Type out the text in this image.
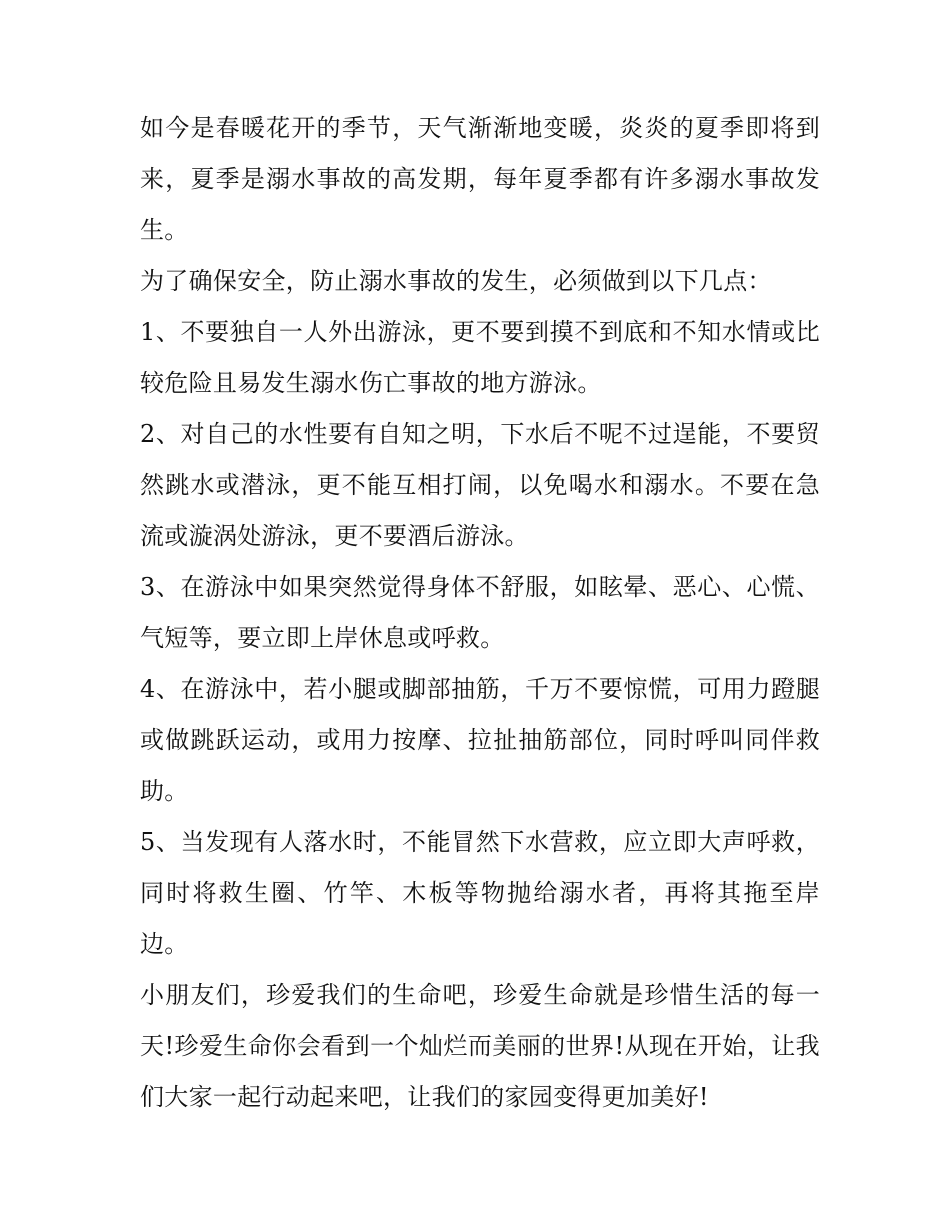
如今是春暖花开的季节，天气渐渐地变暖，炎炎的夏季即将到来，夏季是溺水事故的高发期，每年夏季都有许多溺水事故发生。

为了确保安全，防止溺水事故的发生，必须做到以下几点：

1、不要独自一人外出游泳，更不要到摸不到底和不知水情或比较危险且易发生溺水伤亡事故的地方游泳。

2、对自己的水性要有自知之明，下水后不呢不过逞能，不要贸然跳水或潜泳，更不能互相打闹，以免喝水和溺水。不要在急流或漩涡处游泳，更不要酒后游泳。

3、在游泳中如果突然觉得身体不舒服，如眩晕、恶心、心慌、气短等，要立即上岸休息或呼救。

4、在游泳中，若小腿或脚部抽筋，千万不要惊慌，可用力蹬腿或做跳跃运动，或用力按摩、拉扯抽筋部位，同时呼叫同伴救助。

5、当发现有人落水时，不能冒然下水营救，应立即大声呼救，同时将救生圈、竹竿、木板等物抛给溺水者，再将其拖至岸边。

小朋友们，珍爱我们的生命吧，珍爱生命就是珍惜生活的每一天!珍爱生命你会看到一个灿烂而美丽的世界!从现在开始，让我们大家一起行动起来吧，让我们的家园变得更加美好!
